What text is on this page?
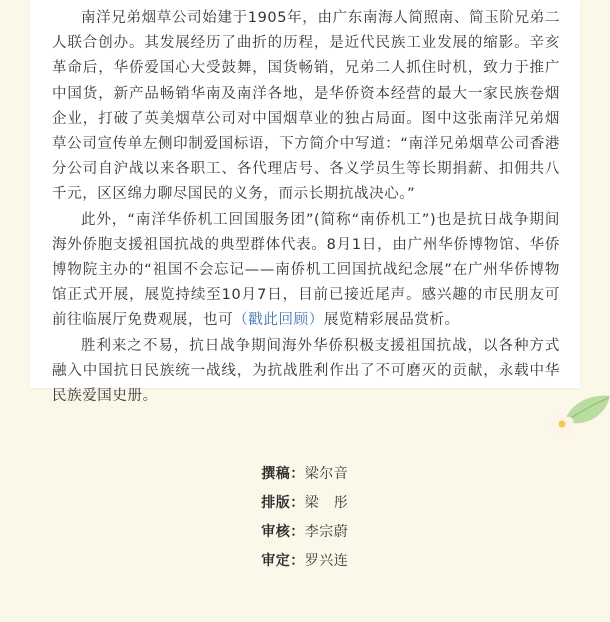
南洋兄弟烟草公司始建于1905年，由广东南海人简照南、简玉阶兄弟二人联合创办。其发展经历了曲折的历程，是近代民族工业发展的缩影。辛亥革命后，华侨爱国心大受鼓舞，国货畅销，兄弟二人抓住时机，致力于推广中国货，新产品畅销华南及南洋各地，是华侨资本经营的最大一家民族卷烟企业，打破了英美烟草公司对中国烟草业的独占局面。图中这张南洋兄弟烟草公司宣传单左侧印制爱国标语，下方简介中写道：“南洋兄弟烟草公司香港分公司自沪战以来各职工、各代理店号、各义学员生等长期捐薪、扣佣共八千元，区区绵力聊尽国民的义务，而示长期抗战决心。”

此外，“南洋华侨机工回国服务团”(简称“南侨机工”)也是抗日战争期间海外侨胞支援祖国抗战的典型群体代表。8月1日，由广州华侨博物馆、华侨博物院主办的“祖国不会忘记——南侨机工回国抗战纪念展”在广州华侨博物馆正式开展，展览持续至10月7日，目前已接近尾声。感兴趣的市民朋友可前往临展厅免费观展，也可（戳此回顾）展览精彩展品赏析。

胜利来之不易，抗日战争期间海外华侨积极支援祖国抗战，以各种方式融入中国抗日民族统一战线，为抗战胜利作出了不可磨灭的贡献，永载中华民族爱国史册。

撰稿：梁尔音
排版：梁　彤
审核：李宗蔚
审定：罗兴连
